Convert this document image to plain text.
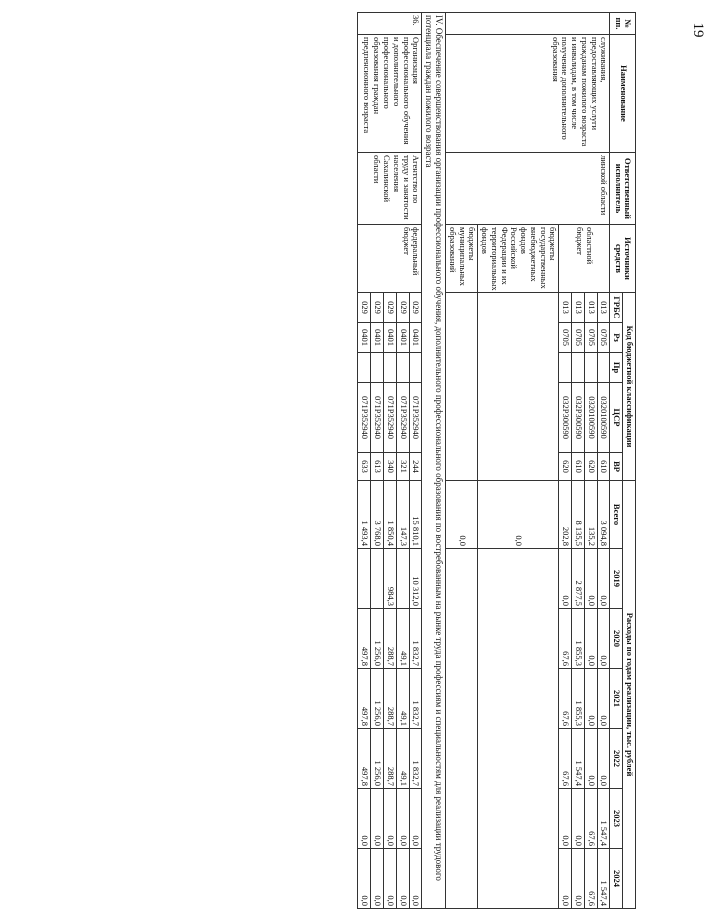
19
№ пп.	Наименование	Ответственный исполнитель	Источники средств	Код бюджетной классификации					Расходы по годам реализации, тыс. рублей						
				ГРБС	Рз	Пр	ЦСР	ВР	Всего	2019	2020	2021	2022	2023	2024

	служивания, предоставляющих услуги гражданам пожилого возраста и инвалидам, в том числе получение дополнительного образования	линской области	областной бюджет	013	0705		0320100590	610	3 094,8	0,0	0,0	0,0	0,0	1 547,4	1 547,4
				013	0705		0320100590	620	135,2	0,0	0,0	0,0	0,0	67,6	67,6
				013	0705		032P300590	610	8 135,5	2 877,5	1 855,3	1 855,3	1 547,4	0,0	0,0
				013	0705		032P300590	620	202,8	0,0	67,6	67,6	67,6	0,0	0,0
			бюджеты государственных внебюджетных фондов Российской Федерации и их территориальных фондов						0,0						
			бюджеты муниципальных образований						0,0						
IV. Обеспечение совершенствования организации профессионального обучения, дополнительного профессионального образования по востребованным на рынке труда профессиям и специальностям для реализации трудового потенциала граждан пожилого возраста															
36.	Организация профессионального обучения и дополнительного профессионального образования граждан предпенсионного возраста	Агентство по труду и занятости населения Сахалинской области	федеральный бюджет	029	0401		071P352940	244	15 810,1	10 312,0	1 832,7	1 832,7	1 832,7	0,0	0,0
				029	0401		071P352940	321	147,3		49,1	49,1	49,1	0,0	0,0
				029	0401		071P352940	340	1 850,4	984,3	288,7	288,7	288,7	0,0	0,0
				029	0401		071P352940	613	3 768,0		1 256,0	1 256,0	1 256,0	0,0	0,0
				029	0401		071P352940	633	1 493,4		497,8	497,8	497,8	0,0	0,0
